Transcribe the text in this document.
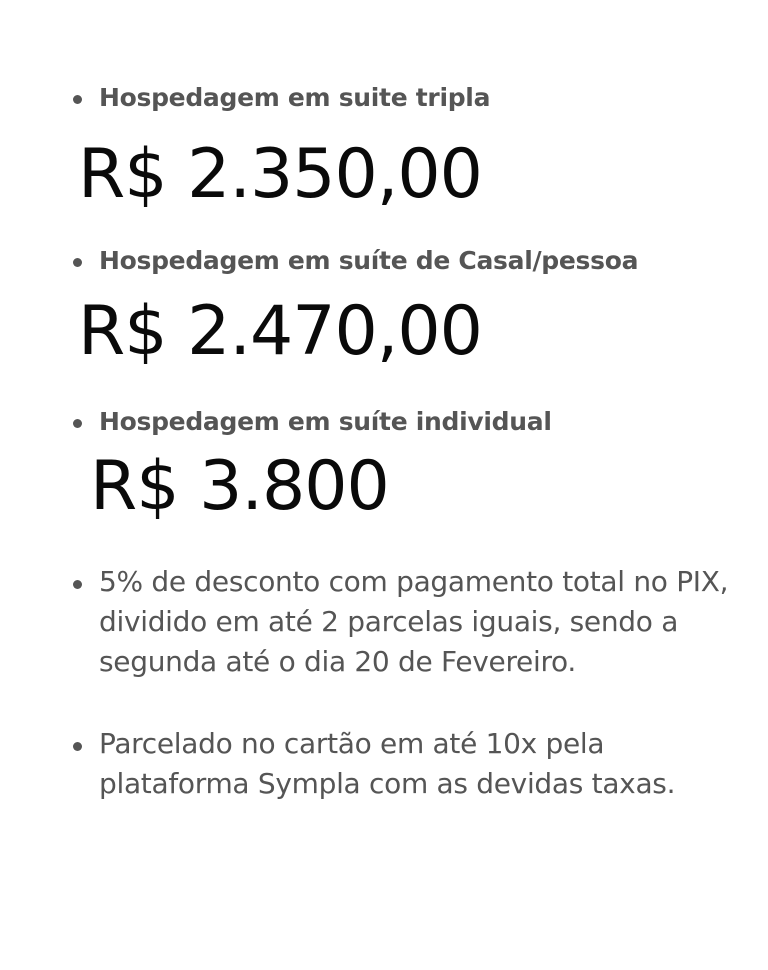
Hospedagem em suite tripla
R$ 2.350,00
Hospedagem em suíte de Casal/pessoa
R$ 2.470,00
Hospedagem em suíte individual
R$ 3.800
5% de desconto com pagamento total no PIX, dividido em até 2 parcelas iguais, sendo a segunda até o dia 20 de Fevereiro.
Parcelado no cartão em até 10x pela plataforma Sympla com as devidas taxas.
